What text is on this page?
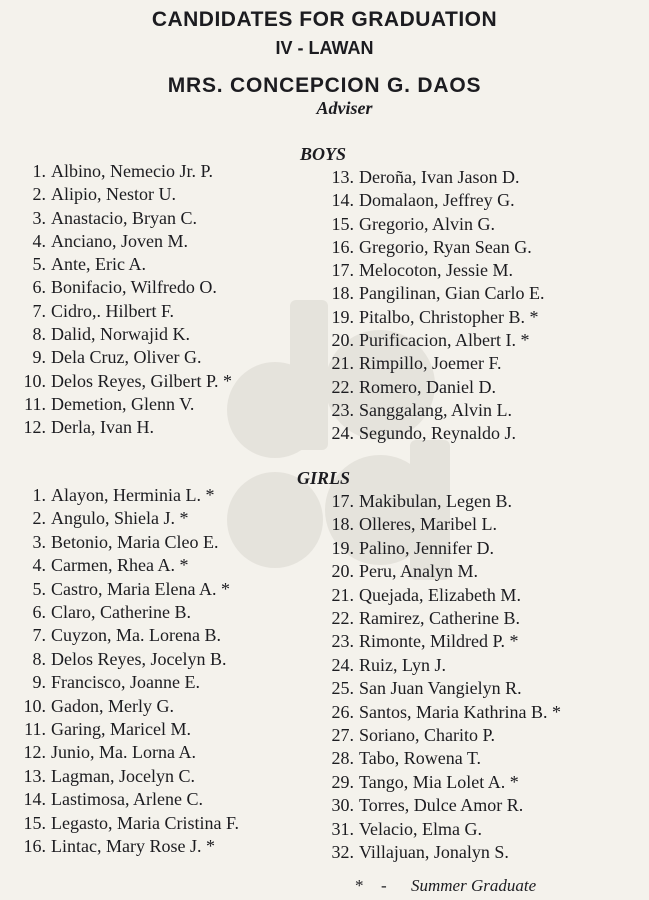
CANDIDATES FOR GRADUATION
IV - LAWAN
MRS. CONCEPCION G. DAOS
Adviser
BOYS
1. Albino, Nemecio Jr. P.
2. Alipio, Nestor U.
3. Anastacio, Bryan C.
4. Anciano, Joven M.
5. Ante, Eric A.
6. Bonifacio, Wilfredo O.
7. Cidro,. Hilbert F.
8. Dalid, Norwajid K.
9. Dela Cruz, Oliver G.
10. Delos Reyes, Gilbert P. *
11. Demetion, Glenn V.
12. Derla, Ivan H.
13. Deroña, Ivan Jason D.
14. Domalaon, Jeffrey G.
15. Gregorio, Alvin G.
16. Gregorio, Ryan Sean G.
17. Melocoton, Jessie M.
18. Pangilinan, Gian Carlo E.
19. Pitalbo, Christopher B. *
20. Purificacion, Albert I. *
21. Rimpillo, Joemer F.
22. Romero, Daniel D.
23. Sanggalang, Alvin L.
24. Segundo, Reynaldo J.
GIRLS
1. Alayon, Herminia L. *
2. Angulo, Shiela J. *
3. Betonio, Maria Cleo E.
4. Carmen, Rhea A. *
5. Castro, Maria Elena A. *
6. Claro, Catherine B.
7. Cuyzon, Ma. Lorena B.
8. Delos Reyes, Jocelyn B.
9. Francisco, Joanne E.
10. Gadon, Merly G.
11. Garing, Maricel M.
12. Junio, Ma. Lorna A.
13. Lagman, Jocelyn C.
14. Lastimosa, Arlene C.
15. Legasto, Maria Cristina F.
16. Lintac, Mary Rose J. *
17. Makibulan, Legen B.
18. Olleres, Maribel L.
19. Palino, Jennifer D.
20. Peru, Analyn M.
21. Quejada, Elizabeth M.
22. Ramirez, Catherine B.
23. Rimonte, Mildred P. *
24. Ruiz, Lyn J.
25. San Juan Vangielyn R.
26. Santos, Maria Kathrina B. *
27. Soriano, Charito P.
28. Tabo, Rowena T.
29. Tango, Mia Lolet A. *
30. Torres, Dulce Amor R.
31. Velacio, Elma G.
32. Villajuan, Jonalyn S.
* - Summer Graduate
